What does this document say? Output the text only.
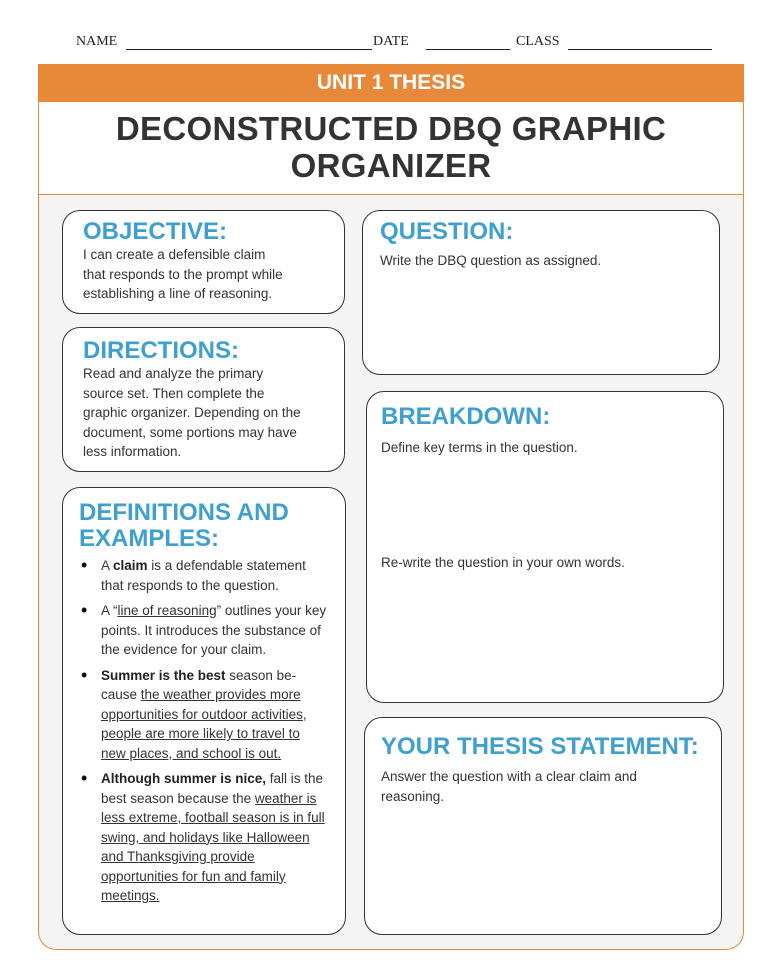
NAME	DATE	CLASS
UNIT 1 THESIS
DECONSTRUCTED DBQ GRAPHIC
ORGANIZER
OBJECTIVE:

I can create a defensible claim

that responds to the prompt while

establishing a line of reasoning.

DIRECTIONS:

Read and analyze the primary

source set. Then complete the

graphic organizer. Depending on the

document, some portions may have

less information.

DEFINITIONS AND
EXAMPLES:
• A claim is a defendable statement that responds to the question.
• A “line of reasoning” outlines your key points. It introduces the substance of the evidence for your claim.
• Summer is the best season be-cause the weather provides more opportunities for outdoor activities, people are more likely to travel to new places, and school is out.
• Although summer is nice, fall is the best season because the weather is less extreme, football season is in full swing, and holidays like Halloween and Thanksgiving provide opportunities for fun and family meetings.
QUESTION:

Write the DBQ question as assigned.

BREAKDOWN:

Define key terms in the question.

Re-write the question in your own words.

YOUR THESIS STATEMENT:

Answer the question with a clear claim and

reasoning.
